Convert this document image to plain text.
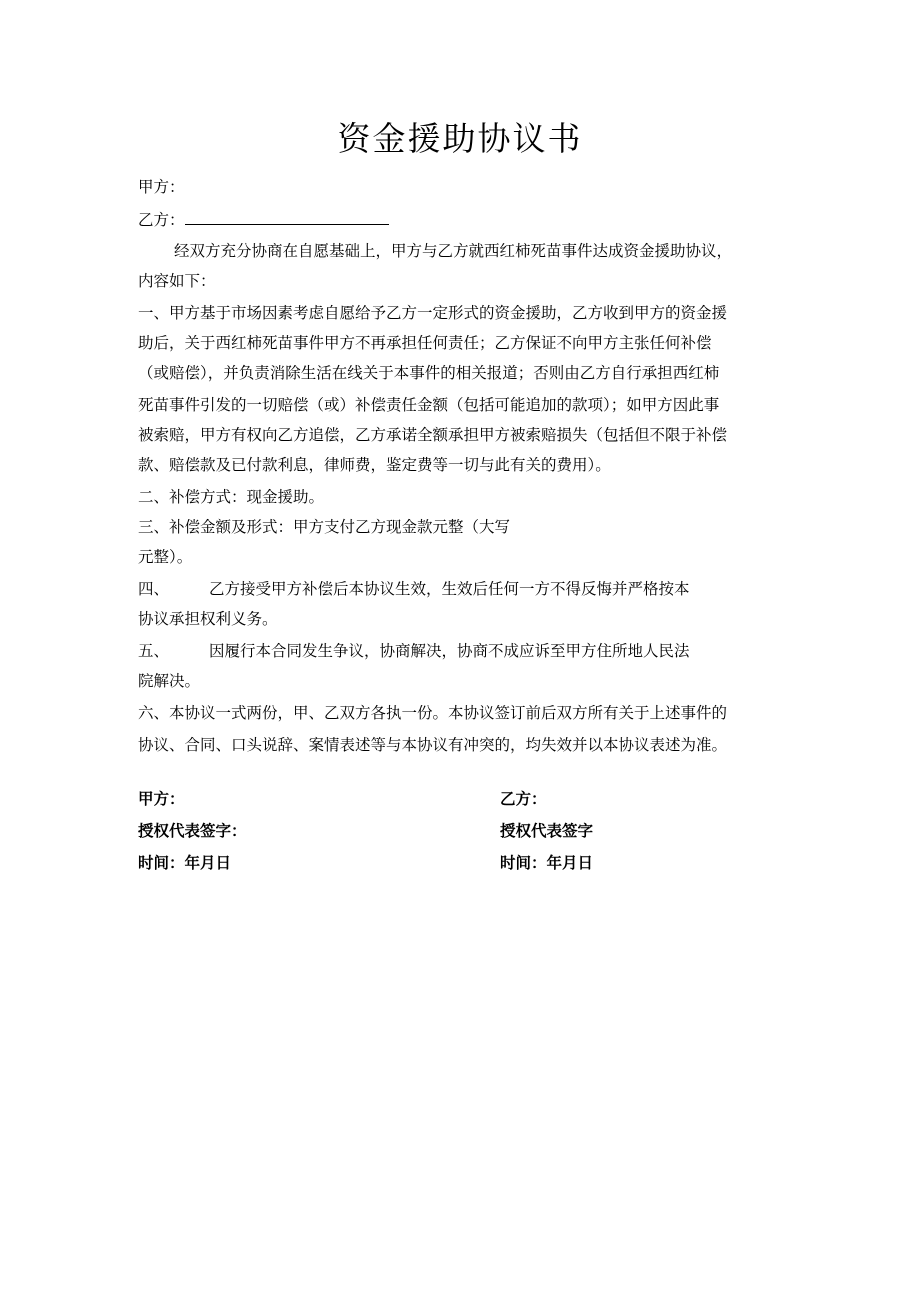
资金援助协议书
甲方：
乙方：
经双方充分协商在自愿基础上，甲方与乙方就西红柿死苗事件达成资金援助协议，
内容如下：
一、甲方基于市场因素考虑自愿给予乙方一定形式的资金援助，乙方收到甲方的资金援
助后，关于西红柿死苗事件甲方不再承担任何责任；乙方保证不向甲方主张任何补偿
（或赔偿），并负责消除生活在线关于本事件的相关报道；否则由乙方自行承担西红柿
死苗事件引发的一切赔偿（或）补偿责任金额（包括可能追加的款项）；如甲方因此事
被索赔，甲方有权向乙方追偿，乙方承诺全额承担甲方被索赔损失（包括但不限于补偿
款、赔偿款及已付款利息，律师费，鉴定费等一切与此有关的费用）。
二、补偿方式：现金援助。
三、补偿金额及形式：甲方支付乙方现金款元整（大写
元整）。
四、	乙方接受甲方补偿后本协议生效，生效后任何一方不得反悔并严格按本
协议承担权利义务。
五、	因履行本合同发生争议，协商解决，协商不成应诉至甲方住所地人民法
院解决。
六、本协议一式两份，甲、乙双方各执一份。本协议签订前后双方所有关于上述事件的
协议、合同、口头说辞、案情表述等与本协议有冲突的，均失效并以本协议表述为准。
甲方：
授权代表签字：
时间：年月日
乙方：
授权代表签字
时间：年月日
